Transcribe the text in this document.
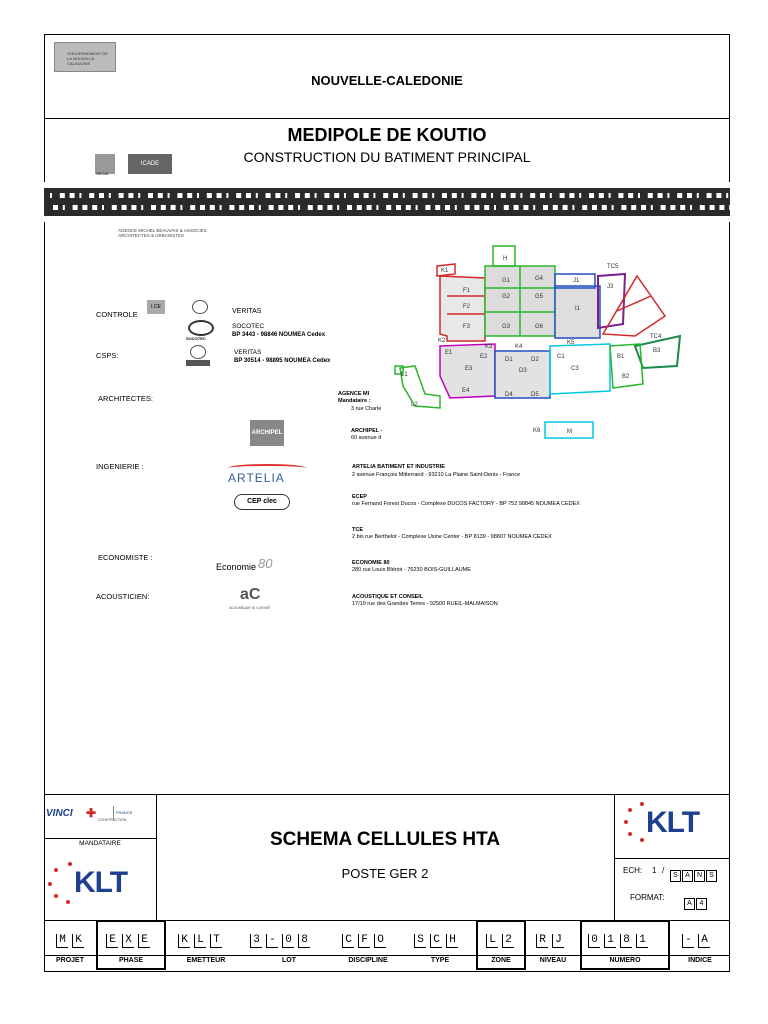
GOUVERNEMENT DE LA NOUVELLE-CALEDONIE
NOUVELLE-CALEDONIE
MEDIPOLE DE KOUTIO
CONSTRUCTION DU BATIMENT PRINCIPAL
SECAL
ICADE
AGENCE MICHEL BEAUVAIS & ASSOCIES
ARCHITECTES & URBANISTES
CONTROLE
I.CE
VERITAS
SOCOTEC
SOCOTEC
BP 3443 - 98846 NOUMEA Cedex
CSPS:	VERITAS
BP 30514 - 98895 NOUMEA Cedex
ARCHITECTES:	AGENCE MI
Mandataire :
3 rue Charle
ARCHIPEL	ARCHIPEL -
60 avenue d
INGENIERIE :
ARTELIA
ARTELIA BATIMENT ET INDUSTRIE
2 avenue François Mitterrand - 93210 La Plaine Saint-Denis - France
CEP clec
ECEP
rue Fernand Forest Ducos - Complexe DUCOS FACTORY - BP 752 98845 NOUMEA CEDEX
TCE
2 bis rue Berthelot - Complexe Usine Center - BP 8139 - 98807 NOUMEA CEDEX
ECONOMISTE :
Economie 80	ECONOMIE 80
280 rue Louis Blériot - 76230 BOIS-GUILLAUME
ACOUSTICIEN:	aC
acoustique & conseil
ACOUSTIQUE ET CONSEIL
17/19 rue des Grandes Terres - 92500 RUEIL-MALMAISON
TC5
TC4
H
G1
G2
G3
G4
G5
G6
K1
K2
K3	K4
K5
K6
F1
F2
F3
J1
J3
I1
E1
E2
E3
E4
D1	D2
D3
D4	D5
C1
C3
B1
B2
B3
L1
L2
M
VINCI ✚ CONSTRUCTION
FRANCE
MANDATAIRE
KLT
KLT
SCHEMA CELLULES HTA
POSTE GER 2	ECH: 1 /
S A N S
FORMAT:
A 4
M K	E X E	K L T	3 - 0 8	C F O	S C H	L 2	R J	0 1 8 1	- A
PROJET	PHASE	EMETTEUR	LOT	DISCIPLINE	TYPE	ZONE	NIVEAU	NUMERO	INDICE
